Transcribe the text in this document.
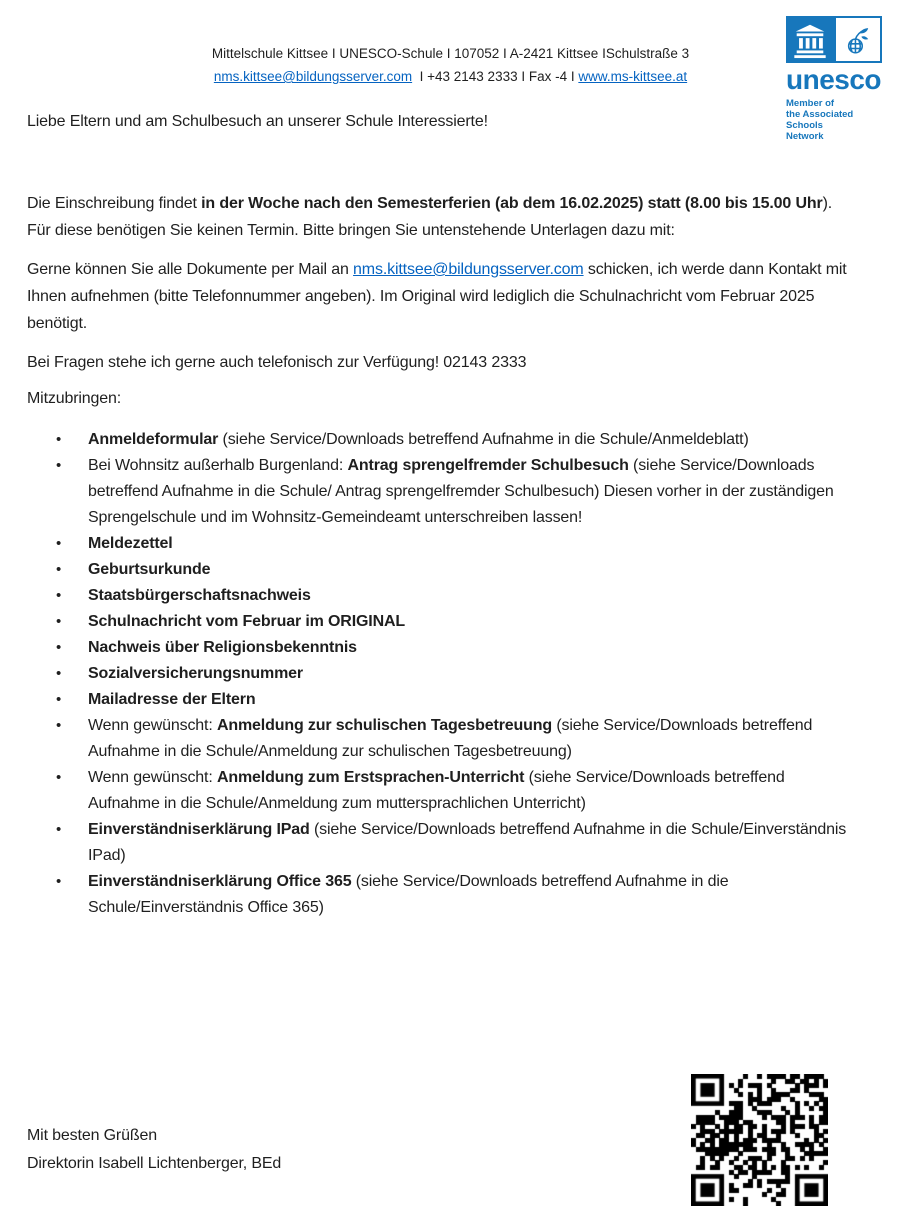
Mittelschule Kittsee I UNESCO-Schule I 107052 I A-2421 Kittsee ISchulstraße 3
nms.kittsee@bildungsserver.com  I +43 2143 2333 I Fax -4 I www.ms-kittsee.at	unesco
Member of
the Associated Schools
Network

Liebe Eltern und am Schulbesuch an unserer Schule Interessierte!

Die Einschreibung findet in der Woche nach den Semesterferien (ab dem 16.02.2025) statt (8.00 bis 15.00 Uhr). Für diese benötigen Sie keinen Termin. Bitte bringen Sie untenstehende Unterlagen dazu mit:

Gerne können Sie alle Dokumente per Mail an nms.kittsee@bildungsserver.com schicken, ich werde dann Kontakt mit Ihnen aufnehmen (bitte Telefonnummer angeben). Im Original wird lediglich die Schulnachricht vom Februar 2025 benötigt.

Bei Fragen stehe ich gerne auch telefonisch zur Verfügung! 02143 2333

Mitzubringen:

• Anmeldeformular (siehe Service/Downloads betreffend Aufnahme in die Schule/Anmeldeblatt)
• Bei Wohnsitz außerhalb Burgenland: Antrag sprengelfremder Schulbesuch (siehe Service/Downloads betreffend Aufnahme in die Schule/ Antrag sprengelfremder Schulbesuch) Diesen vorher in der zuständigen Sprengelschule und im Wohnsitz-Gemeindeamt unterschreiben lassen!
• Meldezettel
• Geburtsurkunde
• Staatsbürgerschaftsnachweis
• Schulnachricht vom Februar im ORIGINAL
• Nachweis über Religionsbekenntnis
• Sozialversicherungsnummer
• Mailadresse der Eltern
• Wenn gewünscht: Anmeldung zur schulischen Tagesbetreuung (siehe Service/Downloads betreffend Aufnahme in die Schule/Anmeldung zur schulischen Tagesbetreuung)
• Wenn gewünscht: Anmeldung zum Erstsprachen-Unterricht (siehe Service/Downloads betreffend Aufnahme in die Schule/Anmeldung zum muttersprachlichen Unterricht)
• Einverständniserklärung IPad (siehe Service/Downloads betreffend Aufnahme in die Schule/Einverständnis IPad)
• Einverständniserklärung Office 365 (siehe Service/Downloads betreffend Aufnahme in die Schule/Einverständnis Office 365)
Mit besten Grüßen
Direktorin Isabell Lichtenberger, BEd
